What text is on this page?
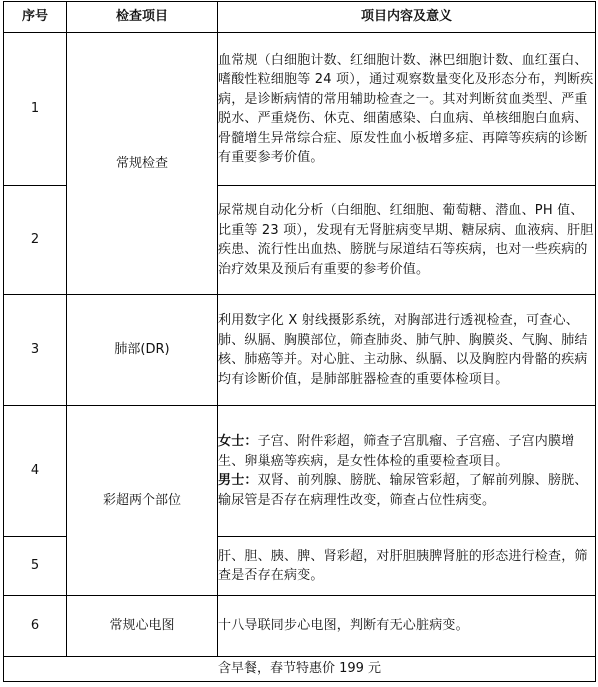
序号	检查项目	项目内容及意义
1	常规检查	血常规（白细胞计数、红细胞计数、淋巴细胞计数、血红蛋白、嗜酸性粒细胞等 24 项），通过观察数量变化及形态分布，判断疾病，是诊断病情的常用辅助检查之一。其对判断贫血类型、严重脱水、严重烧伤、休克、细菌感染、白血病、单核细胞白血病、骨髓增生异常综合症、原发性血小板增多症、再障等疾病的诊断有重要参考价值。
2		尿常规自动化分析（白细胞、红细胞、葡萄糖、潜血、PH 值、比重等 23 项），发现有无肾脏病变早期、糖尿病、血液病、肝胆疾患、流行性出血热、膀胱与尿道结石等疾病，也对一些疾病的治疗效果及预后有重要的参考价值。
3	肺部(DR)	利用数字化 X 射线摄影系统，对胸部进行透视检查，可查心、肺、纵膈、胸膜部位，筛查肺炎、肺气肿、胸膜炎、气胸、肺结核、肺癌等并。对心脏、主动脉、纵膈、以及胸腔内骨骼的疾病均有诊断价值，是肺部脏器检查的重要体检项目。
4	彩超两个部位	女士：子宫、附件彩超，筛查子宫肌瘤、子宫癌、子宫内膜增生、卵巢癌等疾病，是女性体检的重要检查项目。

男士：双肾、前列腺、膀胱、输尿管彩超，了解前列腺、膀胱、输尿管是否存在病理性改变，筛查占位性病变。

5		肝、胆、胰、脾、肾彩超，对肝胆胰脾肾脏的形态进行检查，筛查是否存在病变。
6	常规心电图	十八导联同步心电图，判断有无心脏病变。
含早餐，春节特惠价 199 元		
